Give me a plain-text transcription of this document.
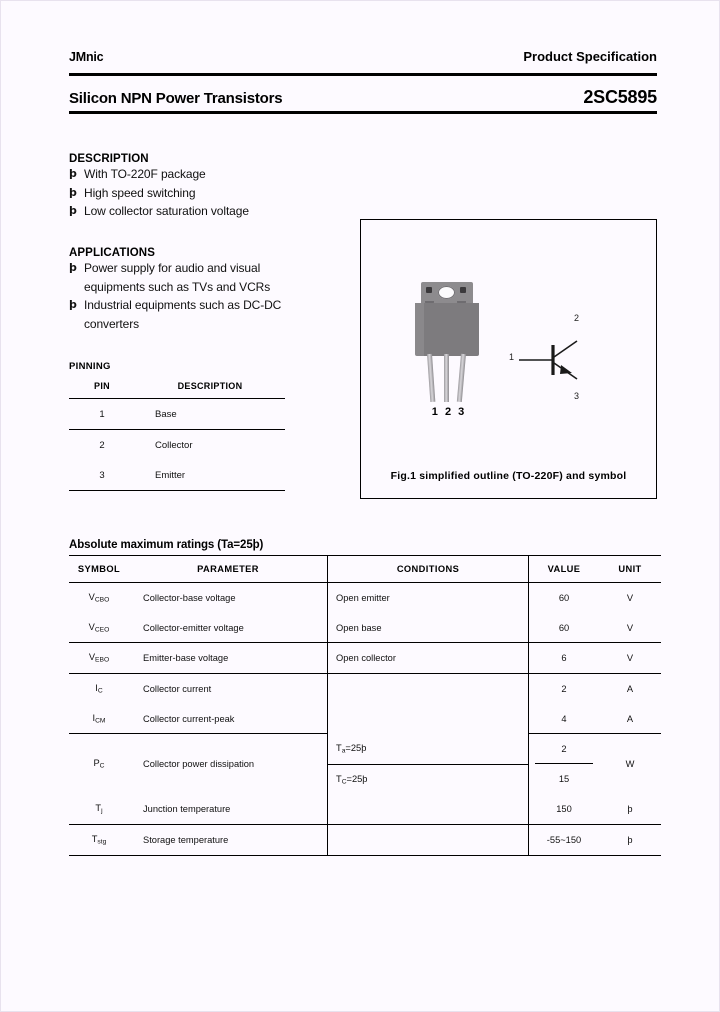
JMnic	Product Specification
Silicon NPN Power Transistors	2SC5895
DESCRIPTION
þ With TO-220F package
þ High speed switching
þ Low collector saturation voltage
APPLICATIONS
þ Power supply for audio and visual
equipments such as TVs and VCRs
þ Industrial equipments such as DC-DC
converters
PINNING
PIN	DESCRIPTION
1	Base
2	Collector
3	Emitter
1 2 3
1
2
3
Fig.1 simplified outline (TO-220F) and symbol
Absolute maximum ratings (Ta=25þ)
SYMBOL	PARAMETER	CONDITIONS	VALUE	UNIT
$V_{CBO}$	Collector-base voltage	Open emitter	60	V
$V_{CEO}$	Collector-emitter voltage	Open base	60	V
$V_{EBO}$	Emitter-base voltage	Open collector	6	V
$I_C$	Collector current		2	A
$I_{CM}$	Collector current-peak		4	A
$P_C$	Collector power dissipation	$T_a=25þ$	2	W
		$T_C=25þ$	15	
$T_j$	Junction temperature		150	þ
$T_{stg}$	Storage temperature		-55~150	þ
